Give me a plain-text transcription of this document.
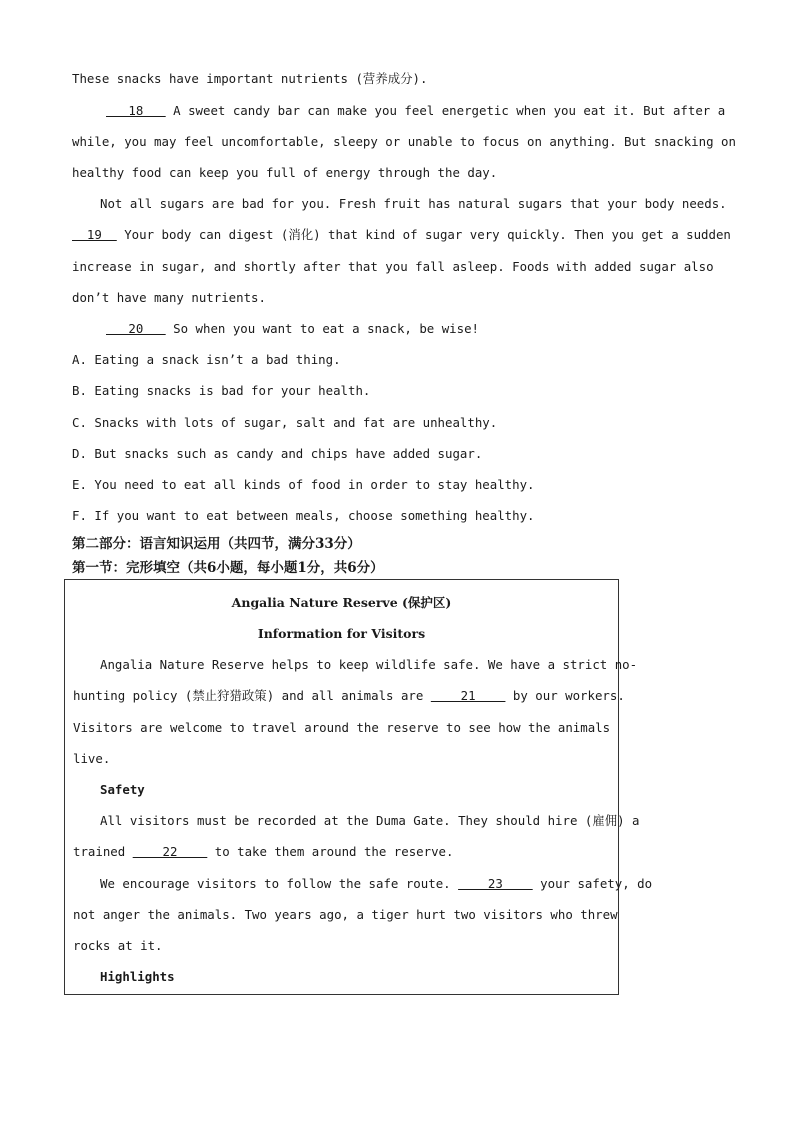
These snacks have important nutrients (营养成分).
18    A sweet candy bar can make you feel energetic when you eat it. But after a
while, you may feel uncomfortable, sleepy or unable to focus on anything. But snacking on
healthy food can keep you full of energy through the day.
Not all sugars are bad for you. Fresh fruit has natural sugars that your body needs.
19   Your body can digest (消化) that kind of sugar very quickly. Then you get a sudden
increase in sugar, and shortly after that you fall asleep. Foods with added sugar also
don’t have many nutrients.
20    So when you want to eat a snack, be wise!
A. Eating a snack isn’t a bad thing.
B. Eating snacks is bad for your health.
C. Snacks with lots of sugar, salt and fat are unhealthy.
D. But snacks such as candy and chips have added sugar.
E. You need to eat all kinds of food in order to stay healthy.
F. If you want to eat between meals, choose something healthy.
第二部分：语言知识运用（共四节，满分33分）
第一节：完形填空（共6小题，每小题1分，共6分）
Angalia Nature Reserve (保护区)
Information for Visitors
Angalia Nature Reserve helps to keep wildlife safe. We have a strict no-
hunting policy (禁止狩猎政策) and all animals are     21     by our workers.
Visitors are welcome to travel around the reserve to see how the animals
live.
Safety
All visitors must be recorded at the Duma Gate. They should hire (雇佣) a
trained     22     to take them around the reserve.
We encourage visitors to follow the safe route.     23     your safety, do
not anger the animals. Two years ago, a tiger hurt two visitors who threw
rocks at it.
Highlights
